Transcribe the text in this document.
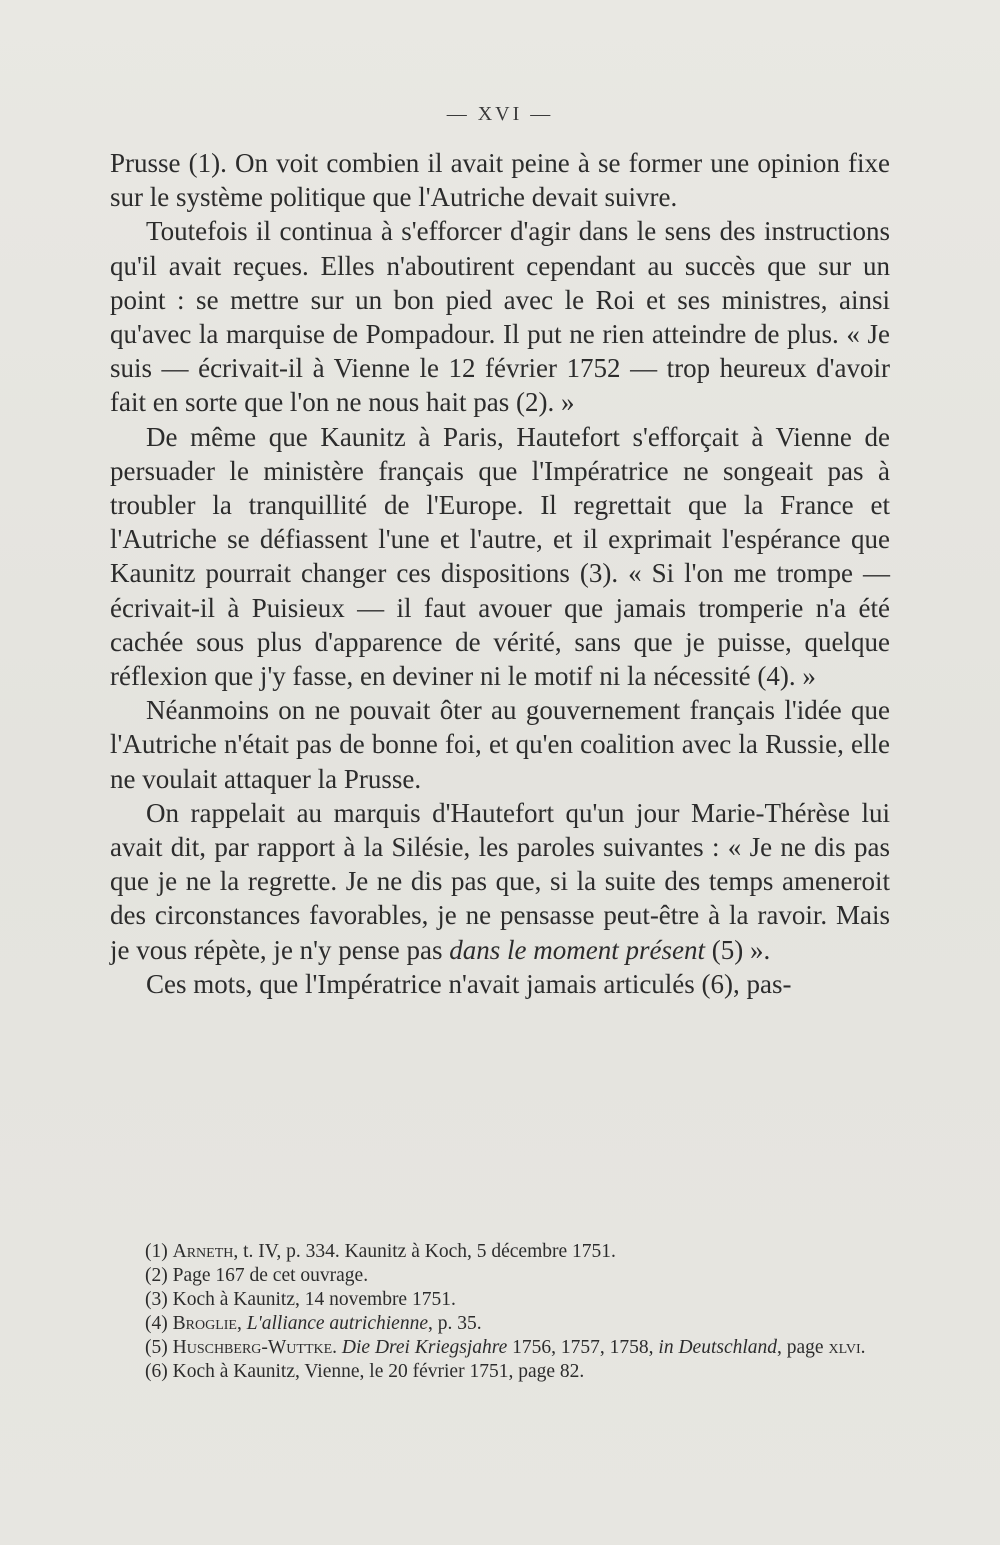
— XVI —

Prusse (1). On voit combien il avait peine à se former une opinion fixe sur le système politique que l'Autriche devait suivre.

Toutefois il continua à s'efforcer d'agir dans le sens des instructions qu'il avait reçues. Elles n'aboutirent cependant au succès que sur un point : se mettre sur un bon pied avec le Roi et ses ministres, ainsi qu'avec la marquise de Pompadour. Il put ne rien atteindre de plus. « Je suis — écrivait-il à Vienne le 12 février 1752 — trop heureux d'avoir fait en sorte que l'on ne nous hait pas (2). »

De même que Kaunitz à Paris, Hautefort s'efforçait à Vienne de persuader le ministère français que l'Impératrice ne songeait pas à troubler la tranquillité de l'Europe. Il regrettait que la France et l'Autriche se défiassent l'une et l'autre, et il exprimait l'espérance que Kaunitz pourrait changer ces dispositions (3). « Si l'on me trompe — écrivait-il à Puisieux — il faut avouer que jamais tromperie n'a été cachée sous plus d'apparence de vérité, sans que je puisse, quelque réflexion que j'y fasse, en deviner ni le motif ni la nécessité (4). »

Néanmoins on ne pouvait ôter au gouvernement français l'idée que l'Autriche n'était pas de bonne foi, et qu'en coalition avec la Russie, elle ne voulait attaquer la Prusse.

On rappelait au marquis d'Hautefort qu'un jour Marie-Thérèse lui avait dit, par rapport à la Silésie, les paroles suivantes : « Je ne dis pas que je ne la regrette. Je ne dis pas que, si la suite des temps ameneroit des circonstances favorables, je ne pensasse peut-être à la ravoir. Mais je vous répète, je n'y pense pas dans le moment présent (5) ».

Ces mots, que l'Impératrice n'avait jamais articulés (6), pas-

(1) Arneth, t. IV, p. 334. Kaunitz à Koch, 5 décembre 1751.

(2) Page 167 de cet ouvrage.

(3) Koch à Kaunitz, 14 novembre 1751.

(4) Broglie, L'alliance autrichienne, p. 35.

(5) Huschberg-Wuttke. Die Drei Kriegsjahre 1756, 1757, 1758, in Deutschland, page xlvi.

(6) Koch à Kaunitz, Vienne, le 20 février 1751, page 82.
